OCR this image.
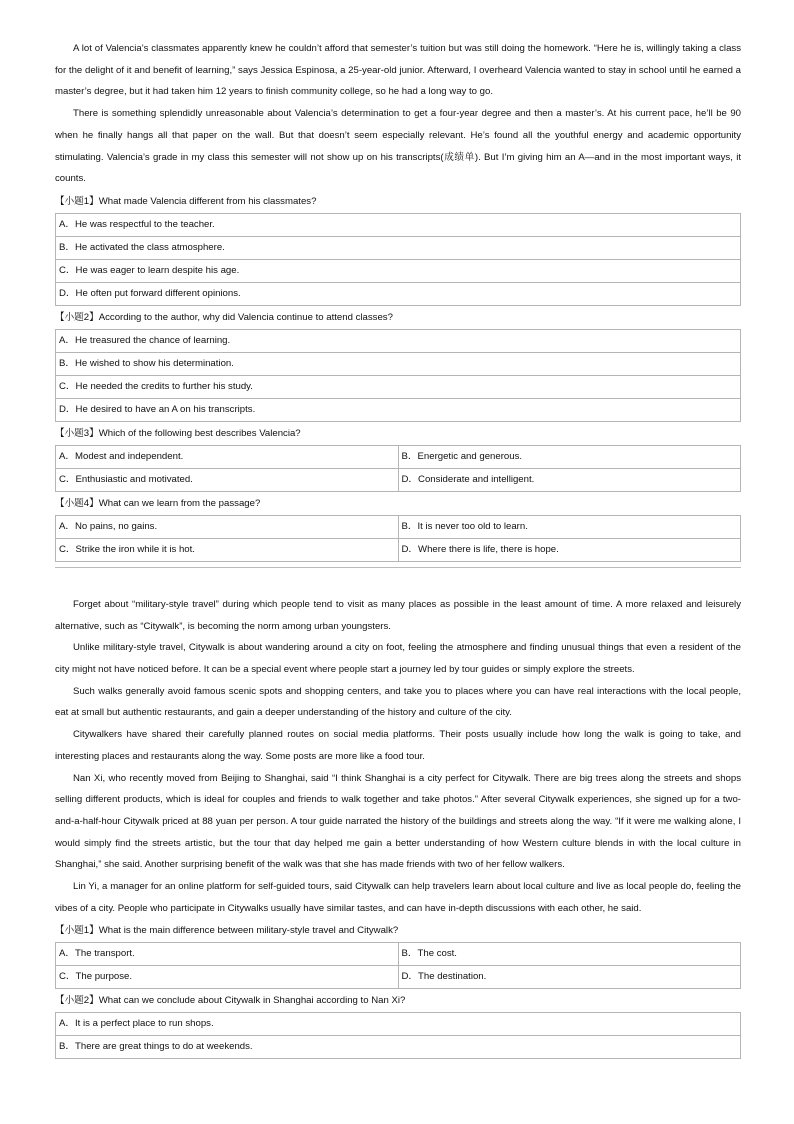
A lot of Valencia’s classmates apparently knew he couldn’t afford that semester’s tuition but was still doing the homework. “Here he is, willingly taking a class for the delight of it and benefit of learning,” says Jessica Espinosa, a 25-year-old junior. Afterward, I overheard Valencia wanted to stay in school until he earned a master’s degree, but it had taken him 12 years to finish community college, so he had a long way to go.

There is something splendidly unreasonable about Valencia’s determination to get a four-year degree and then a master’s. At his current pace, he’ll be 90 when he finally hangs all that paper on the wall. But that doesn’t seem especially relevant. He’s found all the youthful energy and academic opportunity stimulating. Valencia’s grade in my class this semester will not show up on his transcripts(成绩单). But I’m giving him an A—and in the most important ways, it counts.

【小题1】What made Valencia different from his classmates?

A．He was respectful to the teacher.
B．He activated the class atmosphere.
C．He was eager to learn despite his age.
D．He often put forward different opinions.

【小题2】According to the author, why did Valencia continue to attend classes?

A．He treasured the chance of learning.
B．He wished to show his determination.
C．He needed the credits to further his study.
D．He desired to have an A on his transcripts.

【小题3】Which of the following best describes Valencia?

A．Modest and independent.	B．Energetic and generous.
C．Enthusiastic and motivated.	D．Considerate and intelligent.

【小题4】What can we learn from the passage?

A．No pains, no gains.	B．It is never too old to learn.
C．Strike the iron while it is hot.	D．Where there is life, there is hope.

Forget about “military-style travel” during which people tend to visit as many places as possible in the least amount of time. A more relaxed and leisurely alternative, such as “Citywalk”, is becoming the norm among urban youngsters.

Unlike military-style travel, Citywalk is about wandering around a city on foot, feeling the atmosphere and finding unusual things that even a resident of the city might not have noticed before. It can be a special event where people start a journey led by tour guides or simply explore the streets.

Such walks generally avoid famous scenic spots and shopping centers, and take you to places where you can have real interactions with the local people, eat at small but authentic restaurants, and gain a deeper understanding of the history and culture of the city.

Citywalkers have shared their carefully planned routes on social media platforms. Their posts usually include how long the walk is going to take, and interesting places and restaurants along the way. Some posts are more like a food tour.

Nan Xi, who recently moved from Beijing to Shanghai, said “I think Shanghai is a city perfect for Citywalk. There are big trees along the streets and shops selling different products, which is ideal for couples and friends to walk together and take photos.” After several Citywalk experiences, she signed up for a two-and-a-half-hour Citywalk priced at 88 yuan per person. A tour guide narrated the history of the buildings and streets along the way. “If it were me walking alone, I would simply find the streets artistic, but the tour that day helped me gain a better understanding of how Western culture blends in with the local culture in Shanghai,” she said. Another surprising benefit of the walk was that she has made friends with two of her fellow walkers.

Lin Yi, a manager for an online platform for self-guided tours, said Citywalk can help travelers learn about local culture and live as local people do, feeling the vibes of a city. People who participate in Citywalks usually have similar tastes, and can have in-depth discussions with each other, he said.

【小题1】What is the main difference between military-style travel and Citywalk?

A．The transport.	B．The cost.
C．The purpose.	D．The destination.

【小题2】What can we conclude about Citywalk in Shanghai according to Nan Xi?

A．It is a perfect place to run shops.
B．There are great things to do at weekends.
